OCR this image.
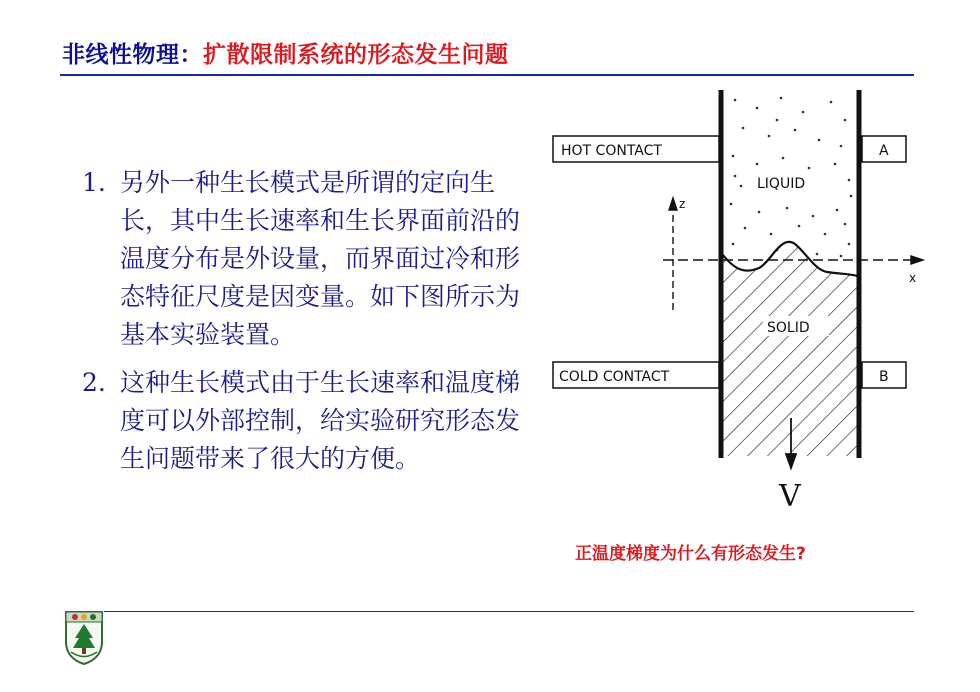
非线性物理：扩散限制系统的形态发生问题
1. 另外一种生长模式是所谓的定向生长，其中生长速率和生长界面前沿的温度分布是外设量，而界面过冷和形态特征尺度是因变量。如下图所示为基本实验装置。
2. 这种生长模式由于生长速率和温度梯度可以外部控制，给实验研究形态发生问题带来了很大的方便。
HOT CONTACT	A
COLD CONTACT	B
LIQUID
SOLID
z
x
V
正温度梯度为什么有形态发生?
